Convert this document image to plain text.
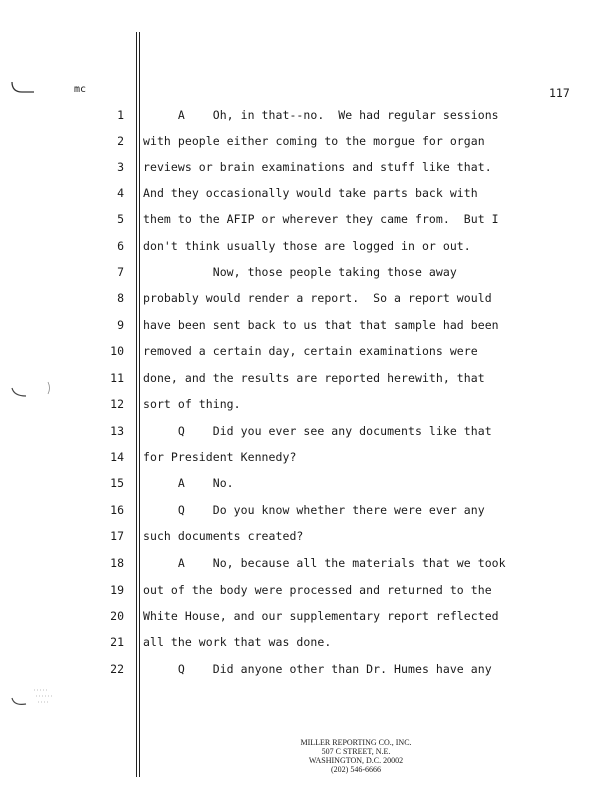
mc	117
1 A    Oh, in that--no.  We had regular sessions
2 with people either coming to the morgue for organ
3 reviews or brain examinations and stuff like that.
4 And they occasionally would take parts back with
5 them to the AFIP or wherever they came from.  But I
6 don't think usually those are logged in or out.
7 Now, those people taking those away
8 probably would render a report.  So a report would
9 have been sent back to us that that sample had been
10 removed a certain day, certain examinations were
11 done, and the results are reported herewith, that
12 sort of thing.
13 Q    Did you ever see any documents like that
14 for President Kennedy?
15 A    No.
16 Q    Do you know whether there were ever any
17 such documents created?
18 A    No, because all the materials that we took
19 out of the body were processed and returned to the
20 White House, and our supplementary report reflected
21 all the work that was done.
22 Q    Did anyone other than Dr. Humes have any
MILLER REPORTING CO., INC.
507 C STREET, N.E.
WASHINGTON, D.C. 20002
(202) 546-6666
